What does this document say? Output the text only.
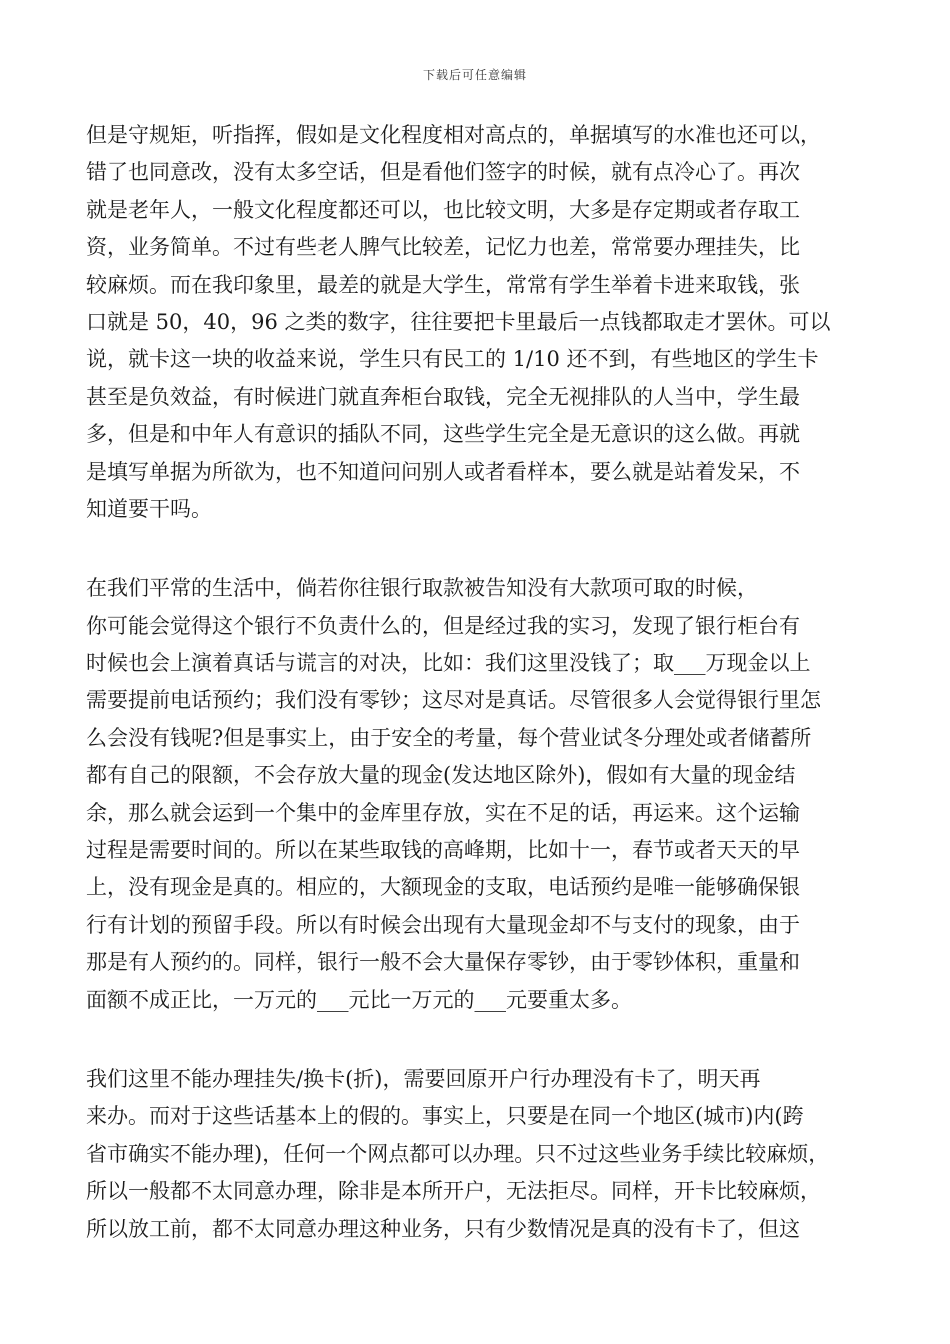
下载后可任意编辑
但是守规矩，听指挥，假如是文化程度相对高点的，单据填写的水准也还可以，
错了也同意改，没有太多空话，但是看他们签字的时候，就有点冷心了。再次
就是老年人，一般文化程度都还可以，也比较文明，大多是存定期或者存取工
资，业务简单。不过有些老人脾气比较差，记忆力也差，常常要办理挂失，比
较麻烦。而在我印象里，最差的就是大学生，常常有学生举着卡进来取钱，张
口就是 50，40，96 之类的数字，往往要把卡里最后一点钱都取走才罢休。可以
说，就卡这一块的收益来说，学生只有民工的 1/10 还不到，有些地区的学生卡
甚至是负效益，有时候进门就直奔柜台取钱，完全无视排队的人当中，学生最
多，但是和中年人有意识的插队不同，这些学生完全是无意识的这么做。再就
是填写单据为所欲为，也不知道问问别人或者看样本，要么就是站着发呆，不
知道要干吗。
在我们平常的生活中，倘若你往银行取款被告知没有大款项可取的时候，
你可能会觉得这个银行不负责什么的，但是经过我的实习，发现了银行柜台有
时候也会上演着真话与谎言的对决，比如：我们这里没钱了；取___万现金以上
需要提前电话预约；我们没有零钞；这尽对是真话。尽管很多人会觉得银行里怎
么会没有钱呢?但是事实上，由于安全的考量，每个营业试冬分理处或者储蓄所
都有自己的限额，不会存放大量的现金(发达地区除外)，假如有大量的现金结
余，那么就会运到一个集中的金库里存放，实在不足的话，再运来。这个运输
过程是需要时间的。所以在某些取钱的高峰期，比如十一，春节或者天天的早
上，没有现金是真的。相应的，大额现金的支取，电话预约是唯一能够确保银
行有计划的预留手段。所以有时候会出现有大量现金却不与支付的现象，由于
那是有人预约的。同样，银行一般不会大量保存零钞，由于零钞体积，重量和
面额不成正比，一万元的___元比一万元的___元要重太多。
我们这里不能办理挂失/换卡(折)，需要回原开户行办理没有卡了，明天再
来办。而对于这些话基本上的假的。事实上，只要是在同一个地区(城市)内(跨
省市确实不能办理)，任何一个网点都可以办理。只不过这些业务手续比较麻烦，
所以一般都不太同意办理，除非是本所开户，无法拒尽。同样，开卡比较麻烦，
所以放工前，都不太同意办理这种业务，只有少数情况是真的没有卡了，但这
